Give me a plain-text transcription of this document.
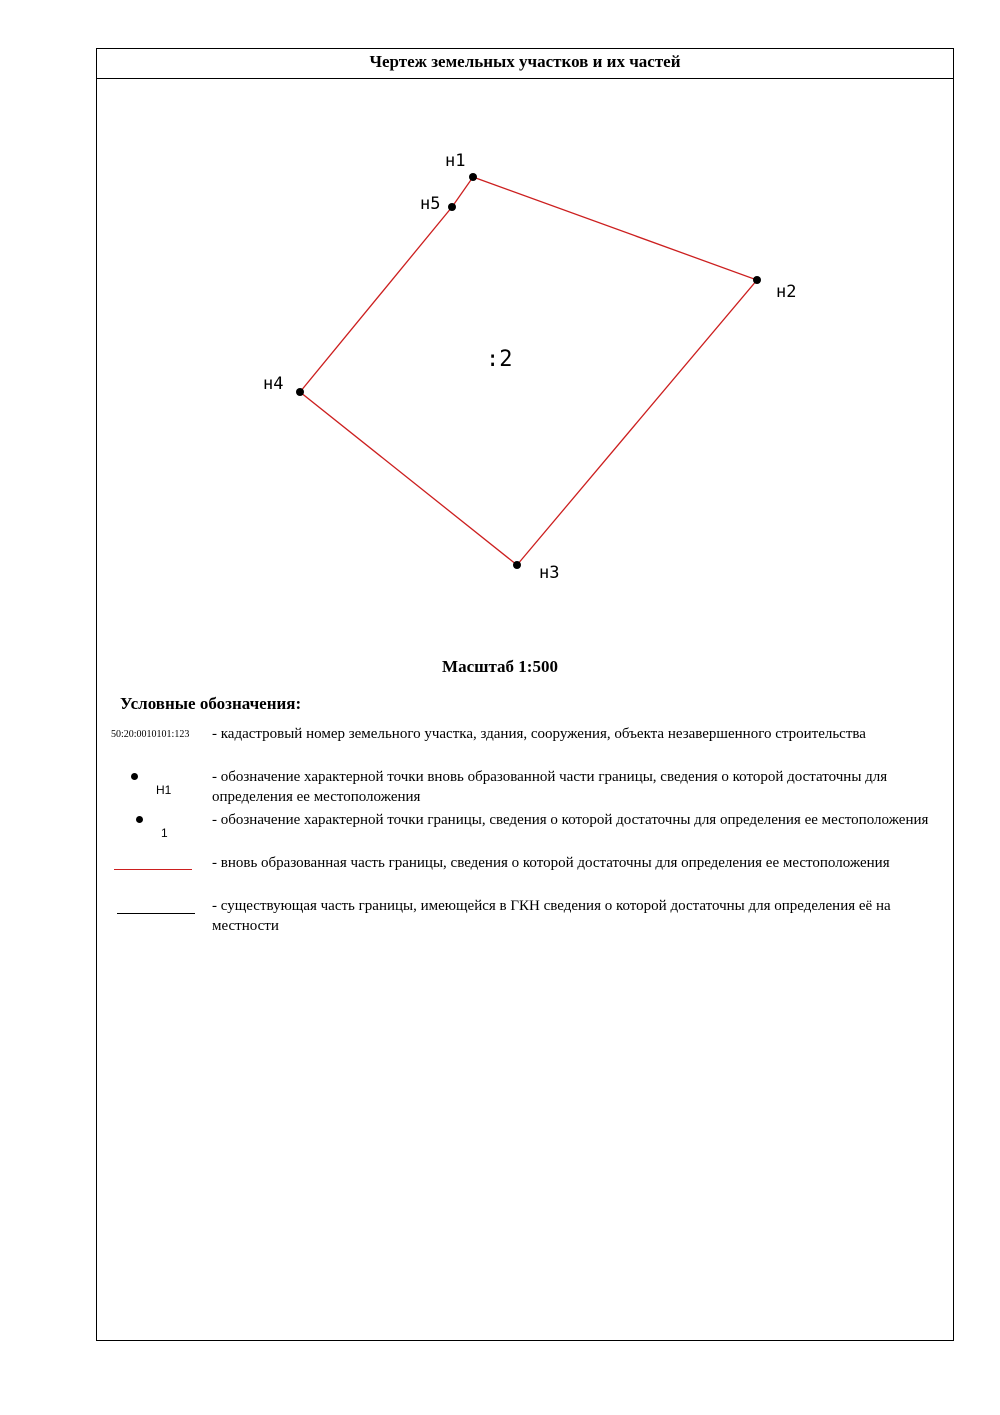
Чертеж земельных участков и их частей
н1
н2
н3
н4
н5
:2
Масштаб 1:500
Условные обозначения:
50:20:0010101:123 - кадастровый номер земельного участка, здания, сооружения, объекта незавершенного строительства
Н1
- обозначение характерной точки вновь образованной части границы, сведения о которой достаточны для определения ее местоположения
1
- обозначение характерной точки границы, сведения о которой достаточны для определения ее местоположения
- вновь образованная часть границы, сведения о которой достаточны для определения ее местоположения
- существующая часть границы, имеющейся в ГКН сведения о которой достаточны для определения её на местности
